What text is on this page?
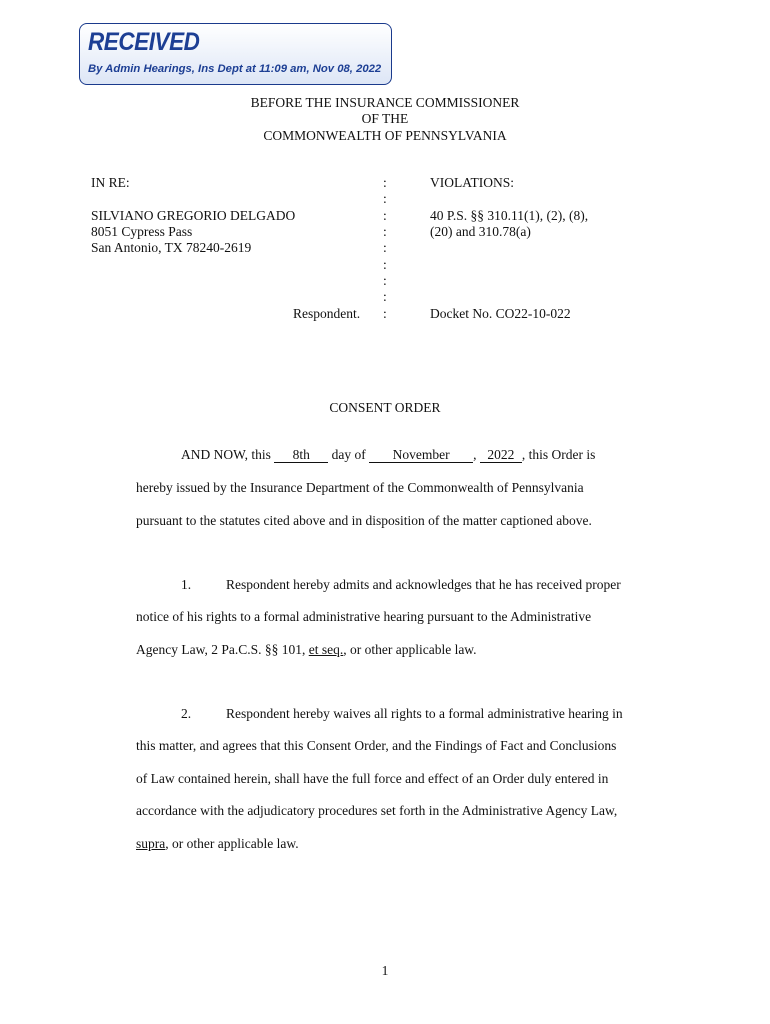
RECEIVED
By Admin Hearings, Ins Dept at 11:09 am, Nov 08, 2022
BEFORE THE INSURANCE COMMISSIONER
OF THE
COMMONWEALTH OF PENNSYLVANIA
IN RE:
SILVIANO GREGORIO DELGADO
8051 Cypress Pass
San Antonio, TX 78240-2619
Respondent.
:
:
:
:
:
:
:
:
:
VIOLATIONS:
40 P.S. §§ 310.11(1), (2), (8),
(20) and 310.78(a)
Docket No. CO22-10-022
CONSENT ORDER
AND NOW, this 8th day of November , 2022 , this Order is
hereby issued by the Insurance Department of the Commonwealth of Pennsylvania
pursuant to the statutes cited above and in disposition of the matter captioned above.
1.	Respondent hereby admits and acknowledges that he has received proper
notice of his rights to a formal administrative hearing pursuant to the Administrative
Agency Law, 2 Pa.C.S. §§ 101, et seq., or other applicable law.
2.	Respondent hereby waives all rights to a formal administrative hearing in
this matter, and agrees that this Consent Order, and the Findings of Fact and Conclusions
of Law contained herein, shall have the full force and effect of an Order duly entered in
accordance with the adjudicatory procedures set forth in the Administrative Agency Law,
supra, or other applicable law.
1
